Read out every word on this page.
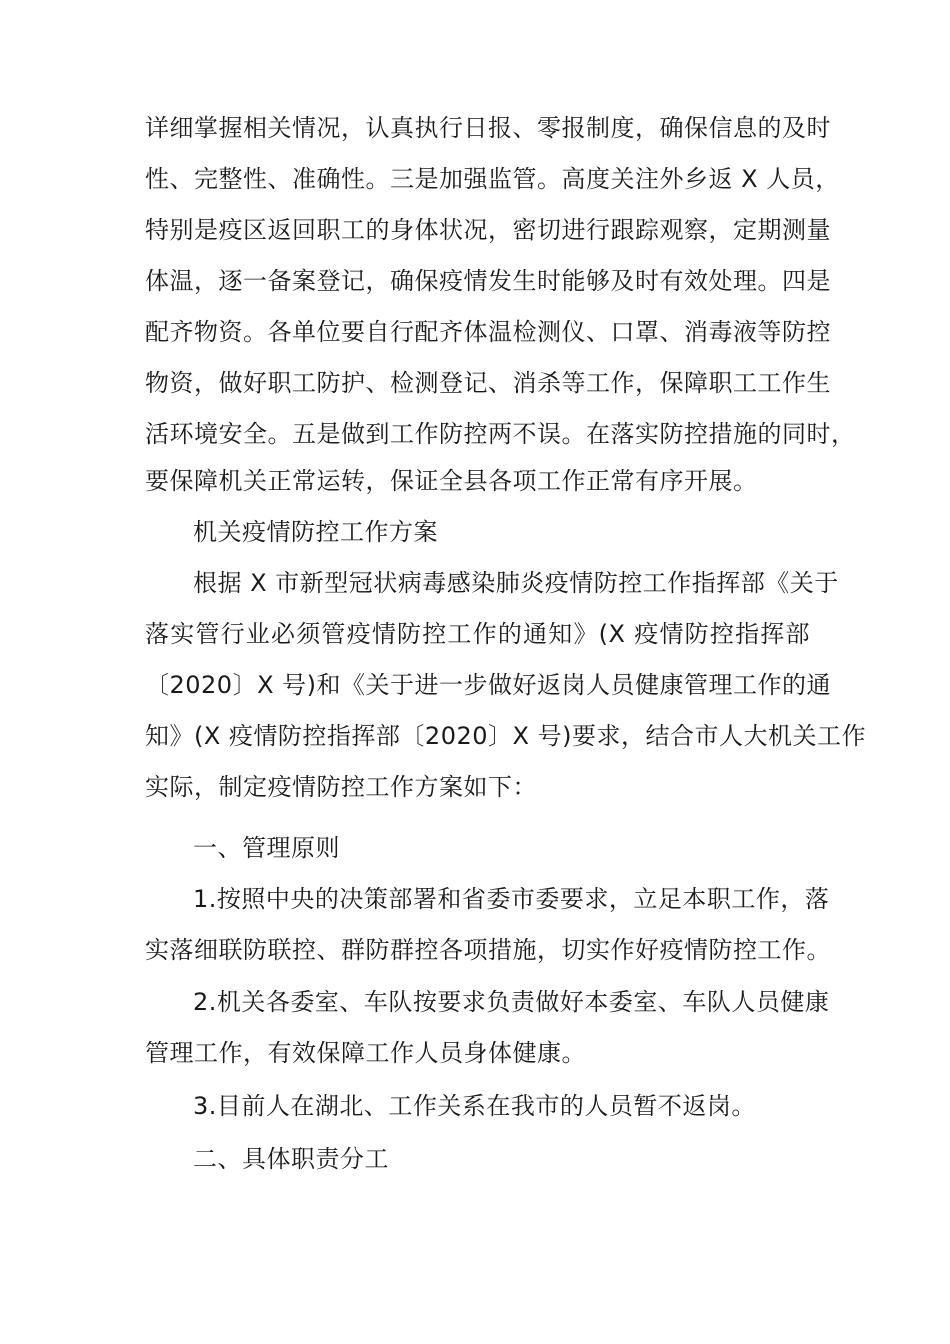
详细掌握相关情况，认真执行日报、零报制度，确保信息的及时
性、完整性、准确性。三是加强监管。高度关注外乡返 X 人员，
特别是疫区返回职工的身体状况，密切进行跟踪观察，定期测量
体温，逐一备案登记，确保疫情发生时能够及时有效处理。四是
配齐物资。各单位要自行配齐体温检测仪、口罩、消毒液等防控
物资，做好职工防护、检测登记、消杀等工作，保障职工工作生
活环境安全。五是做到工作防控两不误。在落实防控措施的同时，
要保障机关正常运转，保证全县各项工作正常有序开展。
机关疫情防控工作方案
根据 X 市新型冠状病毒感染肺炎疫情防控工作指挥部《关于
落实管行业必须管疫情防控工作的通知》(X 疫情防控指挥部
〔2020〕X 号)和《关于进一步做好返岗人员健康管理工作的通
知》(X 疫情防控指挥部〔2020〕X 号)要求，结合市人大机关工作
实际，制定疫情防控工作方案如下：
一、管理原则
1.按照中央的决策部署和省委市委要求，立足本职工作，落
实落细联防联控、群防群控各项措施，切实作好疫情防控工作。
2.机关各委室、车队按要求负责做好本委室、车队人员健康
管理工作，有效保障工作人员身体健康。
3.目前人在湖北、工作关系在我市的人员暂不返岗。
二、具体职责分工
